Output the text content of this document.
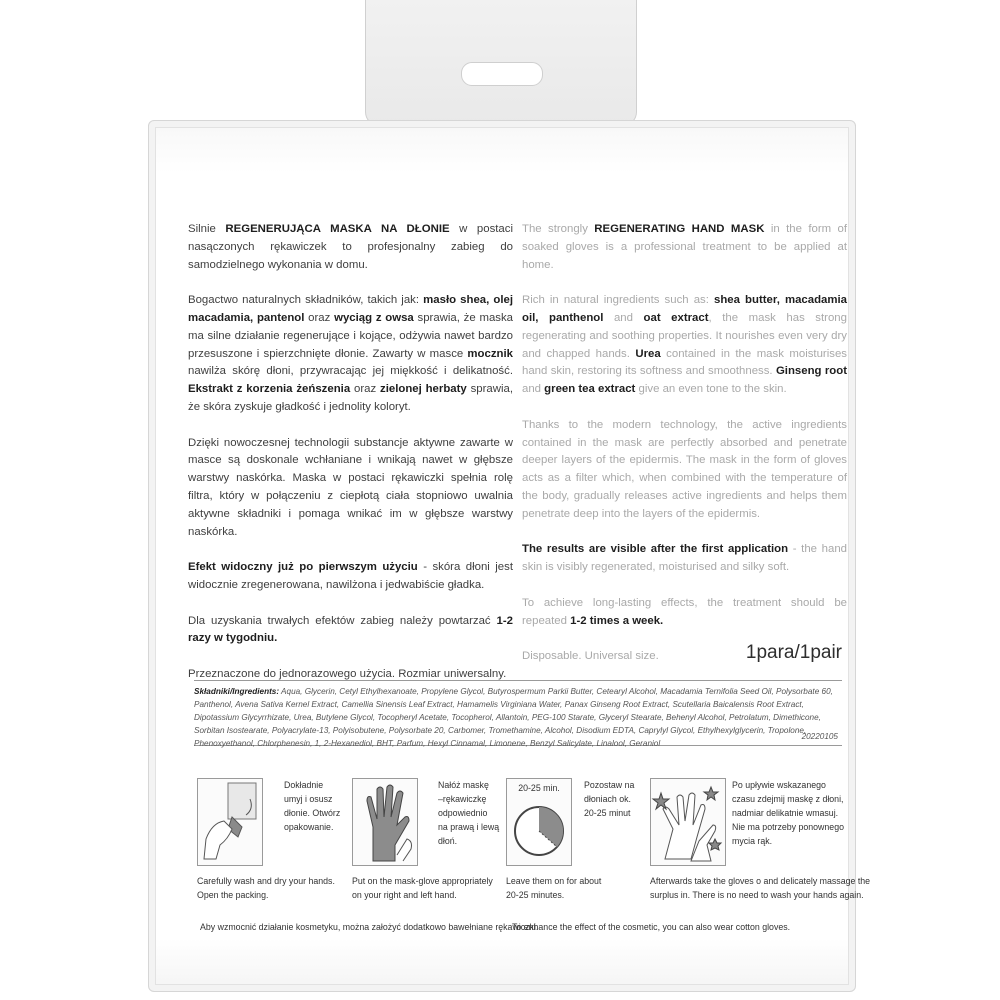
Silnie REGENERUJĄCA MASKA NA DŁONIE w postaci nasączonych rękawiczek to profesjonalny zabieg do samodzielnego wykonania w domu.

Bogactwo naturalnych składników, takich jak: masło shea, olej macadamia, pantenol oraz wyciąg z owsa sprawia, że maska ma silne działanie regenerujące i kojące, odżywia nawet bardzo przesuszone i spierzchnięte dłonie. Zawarty w masce mocznik nawilża skórę dłoni, przywracając jej miękkość i delikatność. Ekstrakt z korzenia żeńszenia oraz zielonej herbaty sprawia, że skóra zyskuje gładkość i jednolity koloryt.

Dzięki nowoczesnej technologii substancje aktywne zawarte w masce są doskonale wchłaniane i wnikają nawet w głębsze warstwy naskórka. Maska w postaci rękawiczki spełnia rolę filtra, który w połączeniu z ciepłotą ciała stopniowo uwalnia aktywne składniki i pomaga wnikać im w głębsze warstwy naskórka.

Efekt widoczny już po pierwszym użyciu - skóra dłoni jest widocznie zregenerowana, nawilżona i jedwabiście gładka.

Dla uzyskania trwałych efektów zabieg należy powtarzać 1-2 razy w tygodniu.

Przeznaczone do jednorazowego użycia. Rozmiar uniwersalny.

The strongly REGENERATING HAND MASK in the form of soaked gloves is a professional treatment to be applied at home.

Rich in natural ingredients such as: shea butter, macadamia oil, panthenol and oat extract, the mask has strong regenerating and soothing properties. It nourishes even very dry and chapped hands. Urea contained in the mask moisturises hand skin, restoring its softness and smoothness. Ginseng root and green tea extract give an even tone to the skin.

Thanks to the modern technology, the active ingredients contained in the mask are perfectly absorbed and penetrate deeper layers of the epidermis. The mask in the form of gloves acts as a filter which, when combined with the temperature of the body, gradually releases active ingredients and helps them penetrate deep into the layers of the epidermis.

The results are visible after the first application - the hand skin is visibly regenerated, moisturised and silky soft.

To achieve long-lasting effects, the treatment should be repeated 1-2 times a week.

Disposable. Universal size.	1para/1pair
Składniki/Ingredients: Aqua, Glycerin, Cetyl Ethylhexanoate, Propylene Glycol, Butyrospermum Parkii Butter, Cetearyl Alcohol, Macadamia Ternifolia Seed Oil, Polysorbate 60, Panthenol, Avena Sativa Kernel Extract, Camellia Sinensis Leaf Extract, Hamamelis Virginiana Water, Panax Ginseng Root Extract, Scutellaria Baicalensis Root Extract, Dipotassium Glycyrrhizate, Urea, Butylene Glycol, Tocopheryl Acetate, Tocopherol, Allantoin, PEG-100 Starate, Glyceryl Stearate, Behenyl Alcohol, Petrolatum, Dimethicone, Sorbitan Isostearate, Polyacrylate-13, Polyisobutene, Polysorbate 20, Carbomer, Tromethamine, Alcohol, Disodium EDTA, Caprylyl Glycol, Ethylhexylglycerin, Tropolone, Phenoxyethanol, Chlorphenesin, 1, 2-Hexanediol, BHT, Parfum, Hexyl Cinnamal, Limonene, Benzyl Salicylate, Linalool, Geraniol
20220105
Dokładnie
umyj i osusz
dłonie. Otwórz
opakowanie.
Carefully wash and dry your hands.
Open the packing.
Nałóż maskę
–rękawiczkę
odpowiednio
na prawą i lewą
dłoń.
Put on the mask-glove appropriately
on your right and left hand.
20-25 min.	Pozostaw na
dłoniach ok.
20-25 minut
Leave them on for about
20-25 minutes.
Po upływie wskazanego
czasu zdejmij maskę z dłoni,
nadmiar delikatnie wmasuj.
Nie ma potrzeby ponownego
mycia rąk.
Afterwards take the gloves o and delicately massage the
surplus in. There is no need to wash your hands again.
Aby wzmocnić działanie kosmetyku, można założyć dodatkowo bawełniane rękawiczki.
To enhance the effect of the cosmetic, you can also wear cotton gloves.
